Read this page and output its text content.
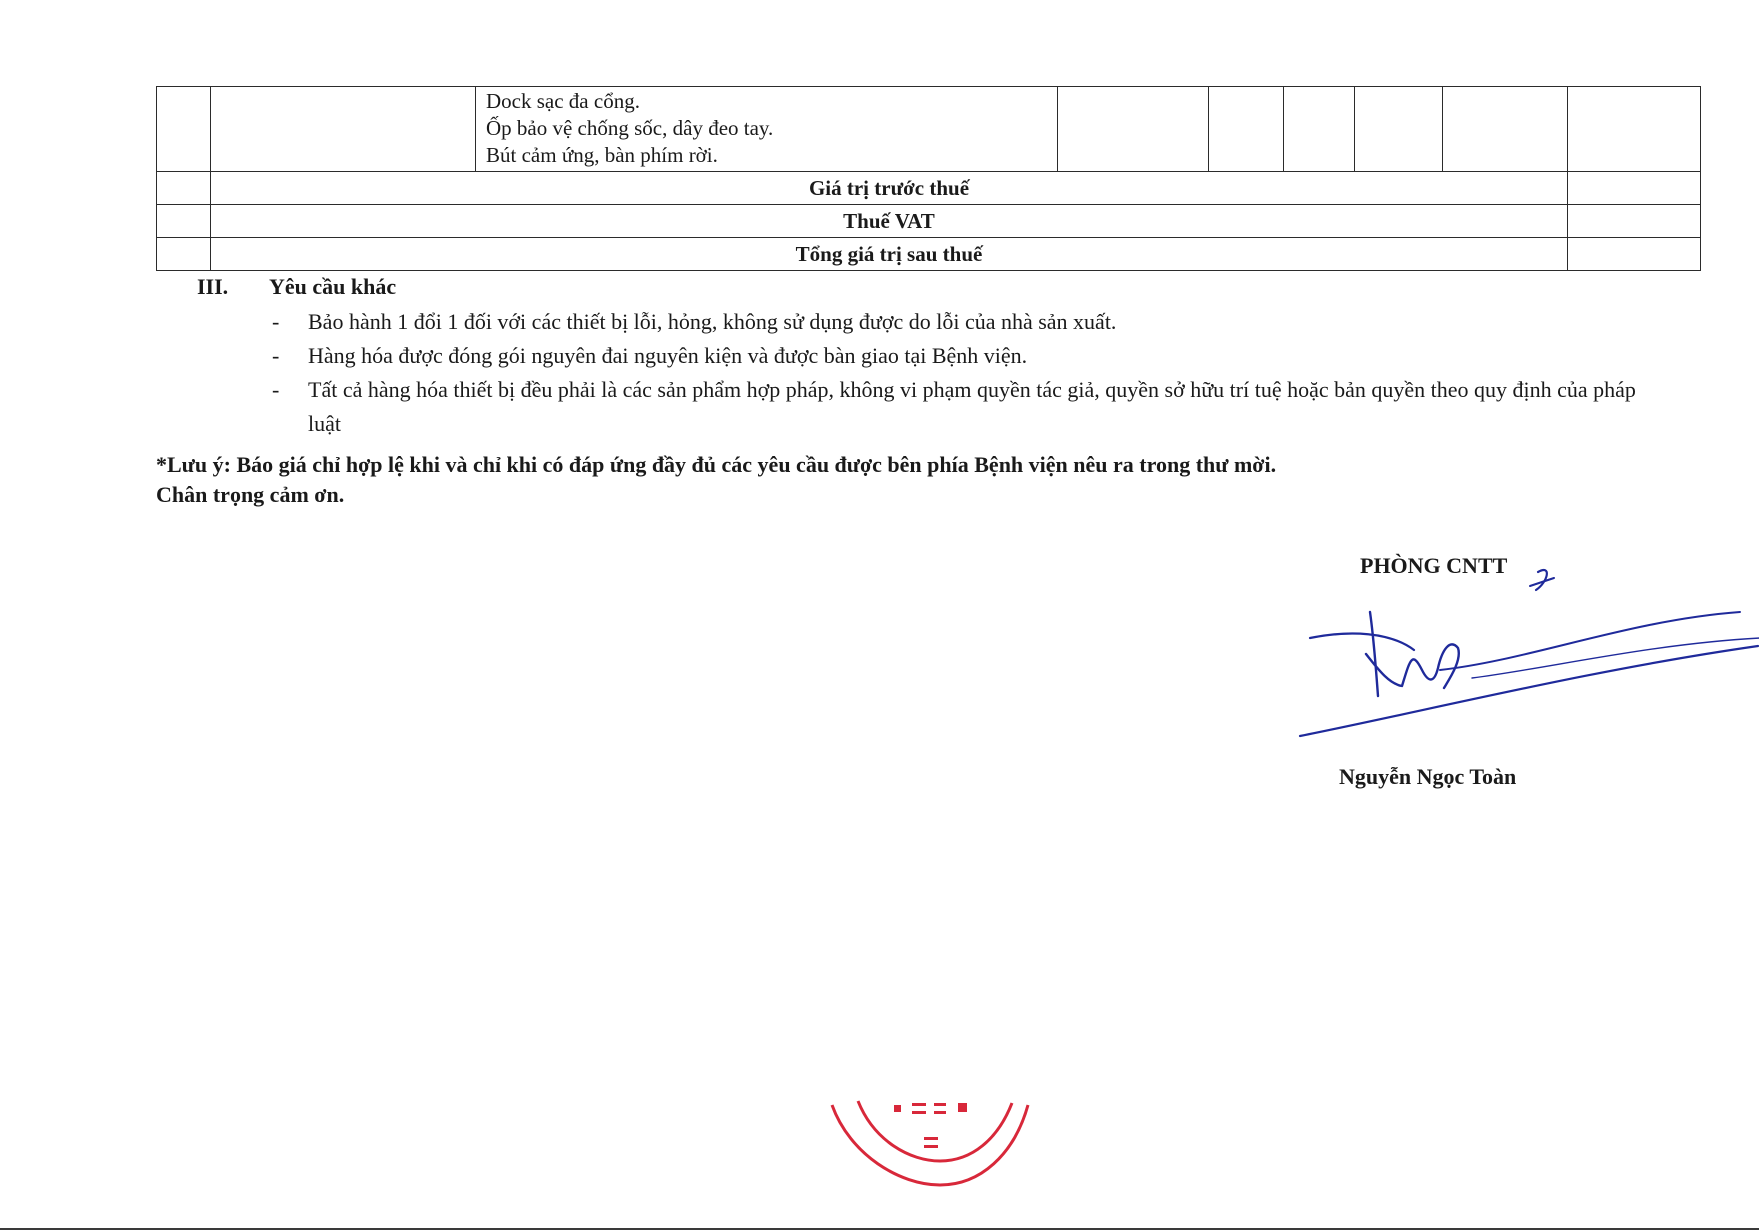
		Dock sạc đa cổng.
Ốp bảo vệ chống sốc, dây đeo tay.
Bút cảm ứng, bàn phím rời.						

	Giá trị trước thuế							
	Thuế VAT							
	Tổng giá trị sau thuế							
III.	Yêu cầu khác
- Bảo hành 1 đổi 1 đối với các thiết bị lỗi, hỏng, không sử dụng được do lỗi của nhà sản xuất.
- Hàng hóa được đóng gói nguyên đai nguyên kiện và được bàn giao tại Bệnh viện.
- Tất cả hàng hóa thiết bị đều phải là các sản phẩm hợp pháp, không vi phạm quyền tác giả, quyền sở hữu trí tuệ hoặc bản quyền theo quy định của pháp luật
*Lưu ý: Báo giá chỉ hợp lệ khi và chỉ khi có đáp ứng đầy đủ các yêu cầu được bên phía Bệnh viện nêu ra trong thư mời.
Chân trọng cảm ơn.
PHÒNG CNTT
Nguyễn Ngọc Toàn
